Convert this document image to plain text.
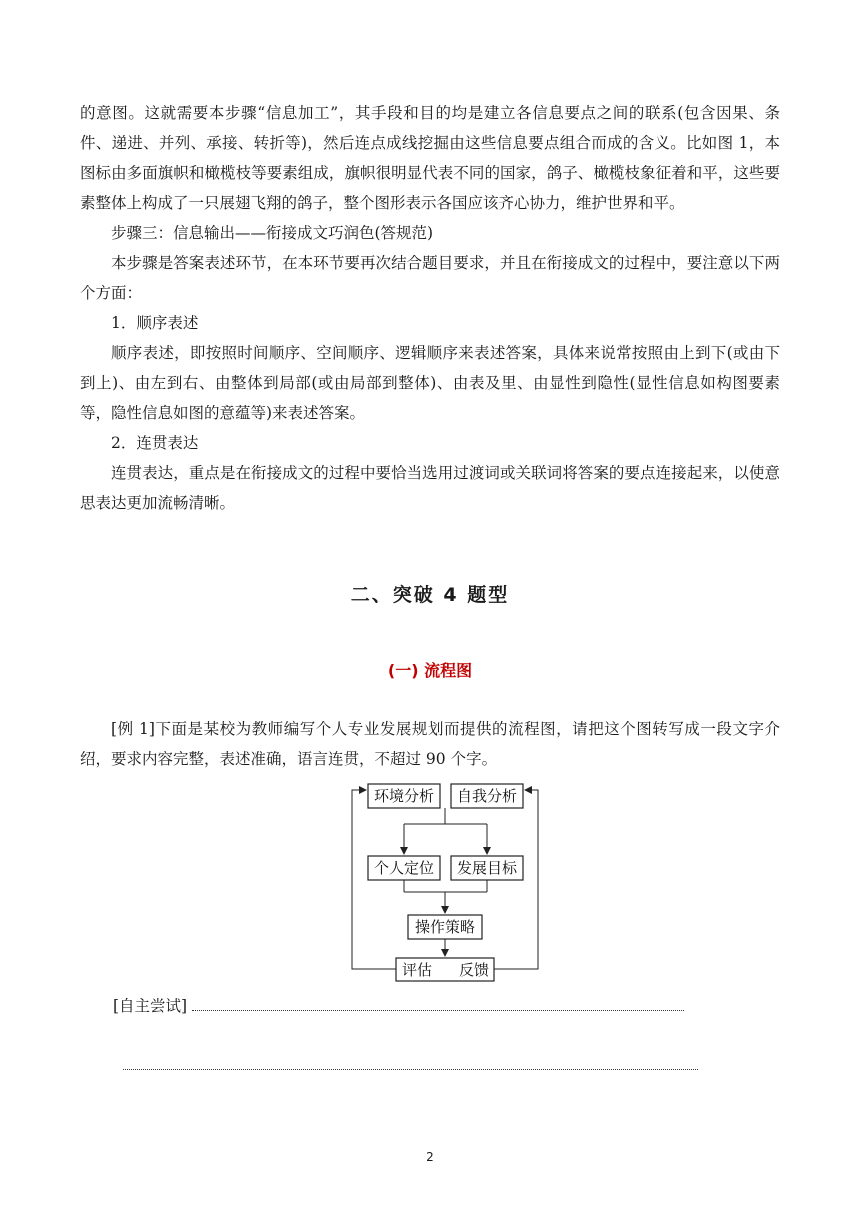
的意图。这就需要本步骤“信息加工”，其手段和目的均是建立各信息要点之间的联系(包含因果、条件、递进、并列、承接、转折等)，然后连点成线挖掘由这些信息要点组合而成的含义。比如图 1，本图标由多面旗帜和橄榄枝等要素组成，旗帜很明显代表不同的国家，鸽子、橄榄枝象征着和平，这些要素整体上构成了一只展翅飞翔的鸽子，整个图形表示各国应该齐心协力，维护世界和平。

步骤三：信息输出——衔接成文巧润色(答规范)

本步骤是答案表述环节，在本环节要再次结合题目要求，并且在衔接成文的过程中，要注意以下两个方面：

1．顺序表述

顺序表述，即按照时间顺序、空间顺序、逻辑顺序来表述答案，具体来说常按照由上到下(或由下到上)、由左到右、由整体到局部(或由局部到整体)、由表及里、由显性到隐性(显性信息如构图要素等，隐性信息如图的意蕴等)来表述答案。

2．连贯表达

连贯表达，重点是在衔接成文的过程中要恰当选用过渡词或关联词将答案的要点连接起来，以使意思表达更加流畅清晰。

二、突破 4 题型
(一) 流程图

[例 1]下面是某校为教师编写个人专业发展规划而提供的流程图，请把这个图转写成一段文字介绍，要求内容完整，表述准确，语言连贯，不超过 90 个字。

环境分析 自我分析
个人定位 发展目标
操作策略
评估 反馈
[自主尝试]
2
